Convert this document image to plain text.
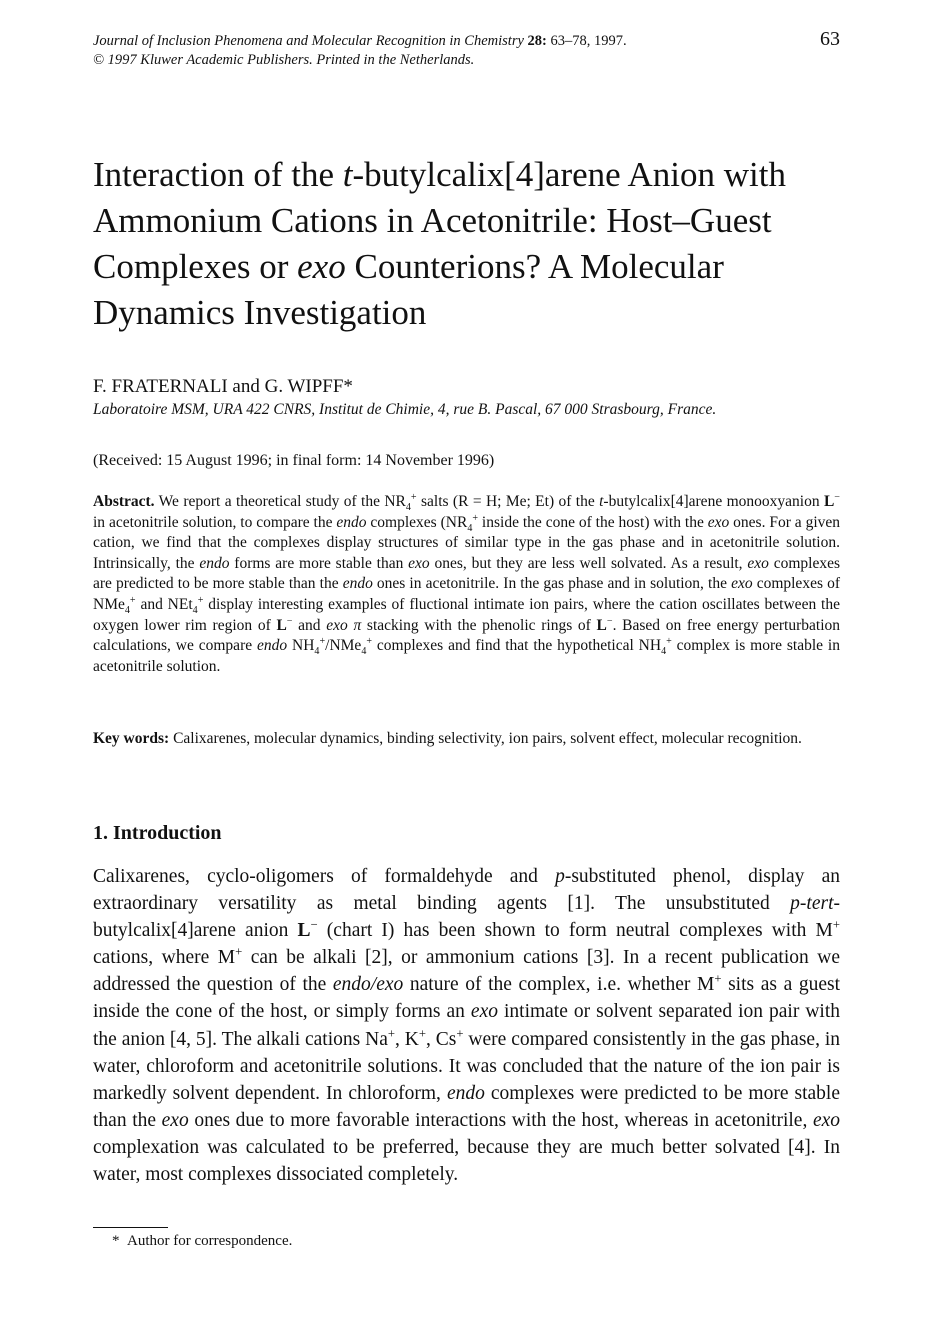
Journal of Inclusion Phenomena and Molecular Recognition in Chemistry 28: 63–78, 1997.
© 1997 Kluwer Academic Publishers. Printed in the Netherlands.
63
Interaction of the t-butylcalix[4]arene Anion with Ammonium Cations in Acetonitrile: Host–Guest Complexes or exo Counterions? A Molecular Dynamics Investigation
F. FRATERNALI and G. WIPFF*
Laboratoire MSM, URA 422 CNRS, Institut de Chimie, 4, rue B. Pascal, 67 000 Strasbourg, France.
(Received: 15 August 1996; in final form: 14 November 1996)
Abstract. We report a theoretical study of the $NR_4^+$ salts (R = H; Me; Et) of the t-butylcalix[4]arene monooxyanion L− in acetonitrile solution, to compare the endo complexes ($NR_4^+$ inside the cone of the host) with the exo ones. For a given cation, we find that the complexes display structures of similar type in the gas phase and in acetonitrile solution. Intrinsically, the endo forms are more stable than exo ones, but they are less well solvated. As a result, exo complexes are predicted to be more stable than the endo ones in acetonitrile. In the gas phase and in solution, the exo complexes of NMe$_4$+ and NEt$_4$+ display interesting examples of fluctional intimate ion pairs, where the cation oscillates between the oxygen lower rim region of L− and exo π stacking with the phenolic rings of L−. Based on free energy perturbation calculations, we compare endo $NH_4^+/NMe_4^+$ complexes and find that the hypothetical $NH_4^+$ complex is more stable in acetonitrile solution.
Key words: Calixarenes, molecular dynamics, binding selectivity, ion pairs, solvent effect, molecular recognition.
1. Introduction
Calixarenes, cyclo-oligomers of formaldehyde and p-substituted phenol, display an extraordinary versatility as metal binding agents [1]. The unsubstituted p-tert-butylcalix[4]arene anion L− (chart I) has been shown to form neutral complexes with M+ cations, where M+ can be alkali [2], or ammonium cations [3]. In a recent publication we addressed the question of the endo/exo nature of the complex, i.e. whether M+ sits as a guest inside the cone of the host, or simply forms an exo intimate or solvent separated ion pair with the anion [4, 5]. The alkali cations Na+, K+, Cs+ were compared consistently in the gas phase, in water, chloroform and acetonitrile solutions. It was concluded that the nature of the ion pair is markedly solvent dependent. In chloroform, endo complexes were predicted to be more stable than the exo ones due to more favorable interactions with the host, whereas in acetonitrile, exo complexation was calculated to be preferred, because they are much better solvated [4]. In water, most complexes dissociated completely.
* Author for correspondence.
